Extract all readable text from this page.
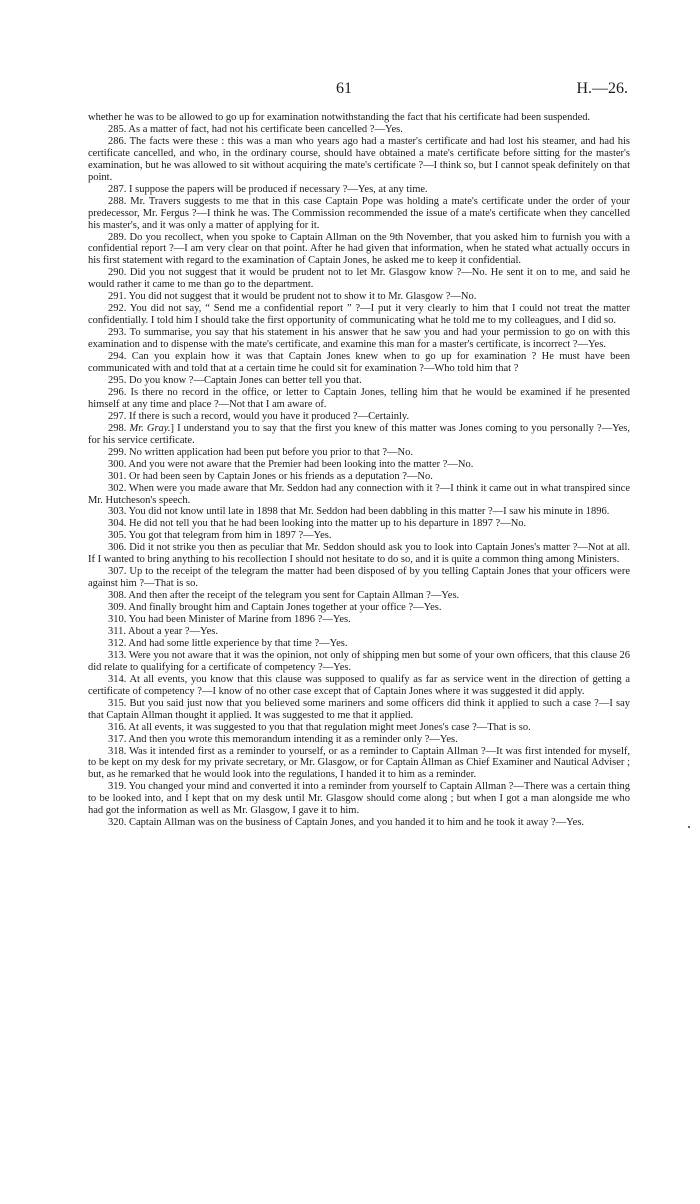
61	H.—26.

whether he was to be allowed to go up for examination notwithstanding the fact that his certificate had been suspended.

285. As a matter of fact, had not his certificate been cancelled ?—Yes.

286. The facts were these : this was a man who years ago had a master's certificate and had lost his steamer, and had his certificate cancelled, and who, in the ordinary course, should have obtained a mate's certificate before sitting for the master's examination, but he was allowed to sit without acquiring the mate's certificate ?—I think so, but I cannot speak definitely on that point.

287. I suppose the papers will be produced if necessary ?—Yes, at any time.

288. Mr. Travers suggests to me that in this case Captain Pope was holding a mate's certificate under the order of your predecessor, Mr. Fergus ?—I think he was. The Commission recommended the issue of a mate's certificate when they cancelled his master's, and it was only a matter of applying for it.

289. Do you recollect, when you spoke to Captain Allman on the 9th November, that you asked him to furnish you with a confidential report ?—I am very clear on that point. After he had given that information, when he stated what actually occurs in his first statement with regard to the examination of Captain Jones, he asked me to keep it confidential.

290. Did you not suggest that it would be prudent not to let Mr. Glasgow know ?—No. He sent it on to me, and said he would rather it came to me than go to the department.

291. You did not suggest that it would be prudent not to show it to Mr. Glasgow ?—No.

292. You did not say, “ Send me a confidential report ” ?—I put it very clearly to him that I could not treat the matter confidentially. I told him I should take the first opportunity of communicating what he told me to my colleagues, and I did so.

293. To summarise, you say that his statement in his answer that he saw you and had your permission to go on with this examination and to dispense with the mate's certificate, and examine this man for a master's certificate, is incorrect ?—Yes.

294. Can you explain how it was that Captain Jones knew when to go up for examination ? He must have been communicated with and told that at a certain time he could sit for examination ?—Who told him that ?

295. Do you know ?—Captain Jones can better tell you that.

296. Is there no record in the office, or letter to Captain Jones, telling him that he would be examined if he presented himself at any time and place ?—Not that I am aware of.

297. If there is such a record, would you have it produced ?—Certainly.

298. Mr. Gray.] I understand you to say that the first you knew of this matter was Jones coming to you personally ?—Yes, for his service certificate.

299. No written application had been put before you prior to that ?—No.

300. And you were not aware that the Premier had been looking into the matter ?—No.

301. Or had been seen by Captain Jones or his friends as a deputation ?—No.

302. When were you made aware that Mr. Seddon had any connection with it ?—I think it came out in what transpired since Mr. Hutcheson's speech.

303. You did not know until late in 1898 that Mr. Seddon had been dabbling in this matter ?—I saw his minute in 1896.

304. He did not tell you that he had been looking into the matter up to his departure in 1897 ?—No.

305. You got that telegram from him in 1897 ?—Yes.

306. Did it not strike you then as peculiar that Mr. Seddon should ask you to look into Captain Jones's matter ?—Not at all. If I wanted to bring anything to his recollection I should not hesitate to do so, and it is quite a common thing among Ministers.

307. Up to the receipt of the telegram the matter had been disposed of by you telling Captain Jones that your officers were against him ?—That is so.

308. And then after the receipt of the telegram you sent for Captain Allman ?—Yes.

309. And finally brought him and Captain Jones together at your office ?—Yes.

310. You had been Minister of Marine from 1896 ?—Yes.

311. About a year ?—Yes.

312. And had some little experience by that time ?—Yes.

313. Were you not aware that it was the opinion, not only of shipping men but some of your own officers, that this clause 26 did relate to qualifying for a certificate of competency ?—Yes.

314. At all events, you know that this clause was supposed to qualify as far as service went in the direction of getting a certificate of competency ?—I know of no other case except that of Captain Jones where it was suggested it did apply.

315. But you said just now that you believed some mariners and some officers did think it applied to such a case ?—I say that Captain Allman thought it applied. It was suggested to me that it applied.

316. At all events, it was suggested to you that that regulation might meet Jones's case ?—That is so.

317. And then you wrote this memorandum intending it as a reminder only ?—Yes.

318. Was it intended first as a reminder to yourself, or as a reminder to Captain Allman ?—It was first intended for myself, to be kept on my desk for my private secretary, or Mr. Glasgow, or for Captain Allman as Chief Examiner and Nautical Adviser ; but, as he remarked that he would look into the regulations, I handed it to him as a reminder.

319. You changed your mind and converted it into a reminder from yourself to Captain Allman ?—There was a certain thing to be looked into, and I kept that on my desk until Mr. Glasgow should come along ; but when I got a man alongside me who had got the information as well as Mr. Glasgow, I gave it to him.

320. Captain Allman was on the business of Captain Jones, and you handed it to him and he took it away ?—Yes.
